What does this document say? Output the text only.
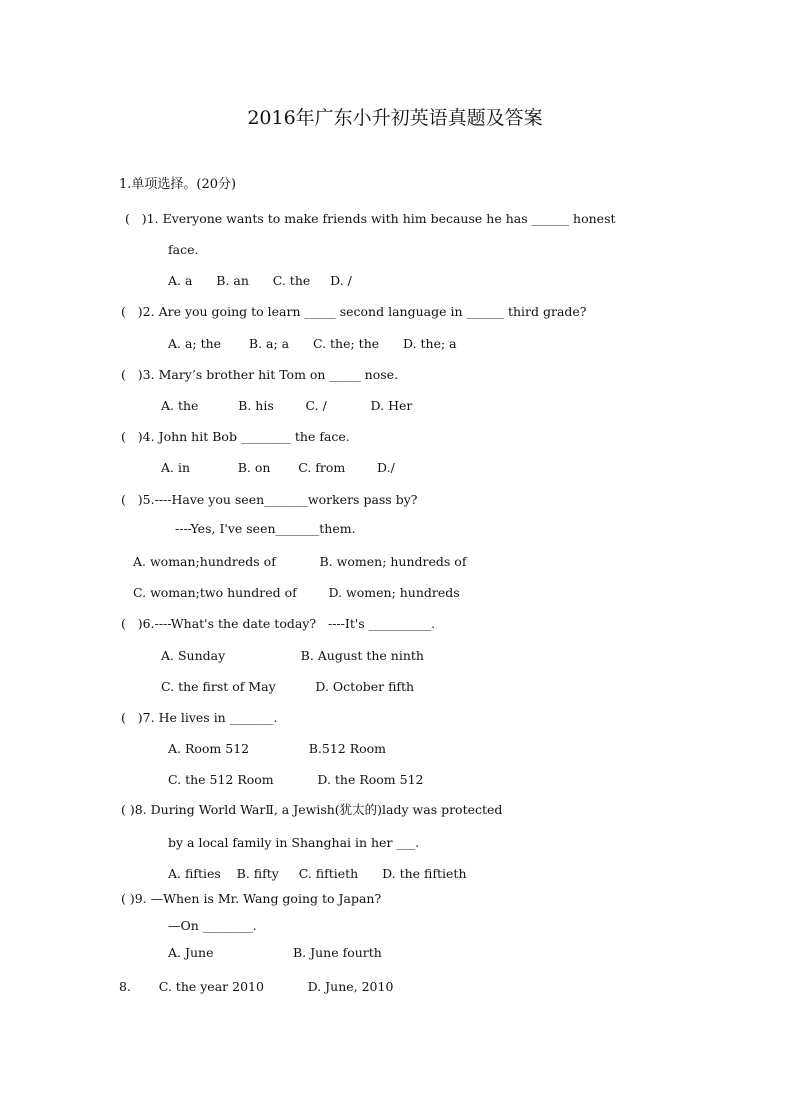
2016年广东小升初英语真题及答案
1.单项选择。(20分)
(   )1. Everyone wants to make friends with him because he has ______ honest
face.
A. a      B. an      C. the     D. /
(   )2. Are you going to learn _____ second language in ______ third grade?
A. a; the       B. a; a      C. the; the      D. the; a
(   )3. Mary’s brother hit Tom on _____ nose.
A. the          B. his        C. /           D. Her
(   )4. John hit Bob ________ the face.
A. in            B. on       C. from        D./
(   )5.----Have you seen_______workers pass by?
----Yes, I've seen_______them.
A. woman;hundreds of           B. women; hundreds of
C. woman;two hundred of        D. women; hundreds
(   )6.----What's the date today?   ----It's __________.
A. Sunday                   B. August the ninth
C. the first of May          D. October fifth
(   )7. He lives in _______.
A. Room 512               B.512 Room
C. the 512 Room           D. the Room 512
( )8. During World WarⅡ, a Jewish(犹太的)lady was protected
by a local family in Shanghai in her ___.
A. fifties    B. fifty     C. fiftieth      D. the fiftieth
( )9. —When is Mr. Wang going to Japan?
—On ________.
A. June                    B. June fourth
8.       C. the year 2010           D. June, 2010
